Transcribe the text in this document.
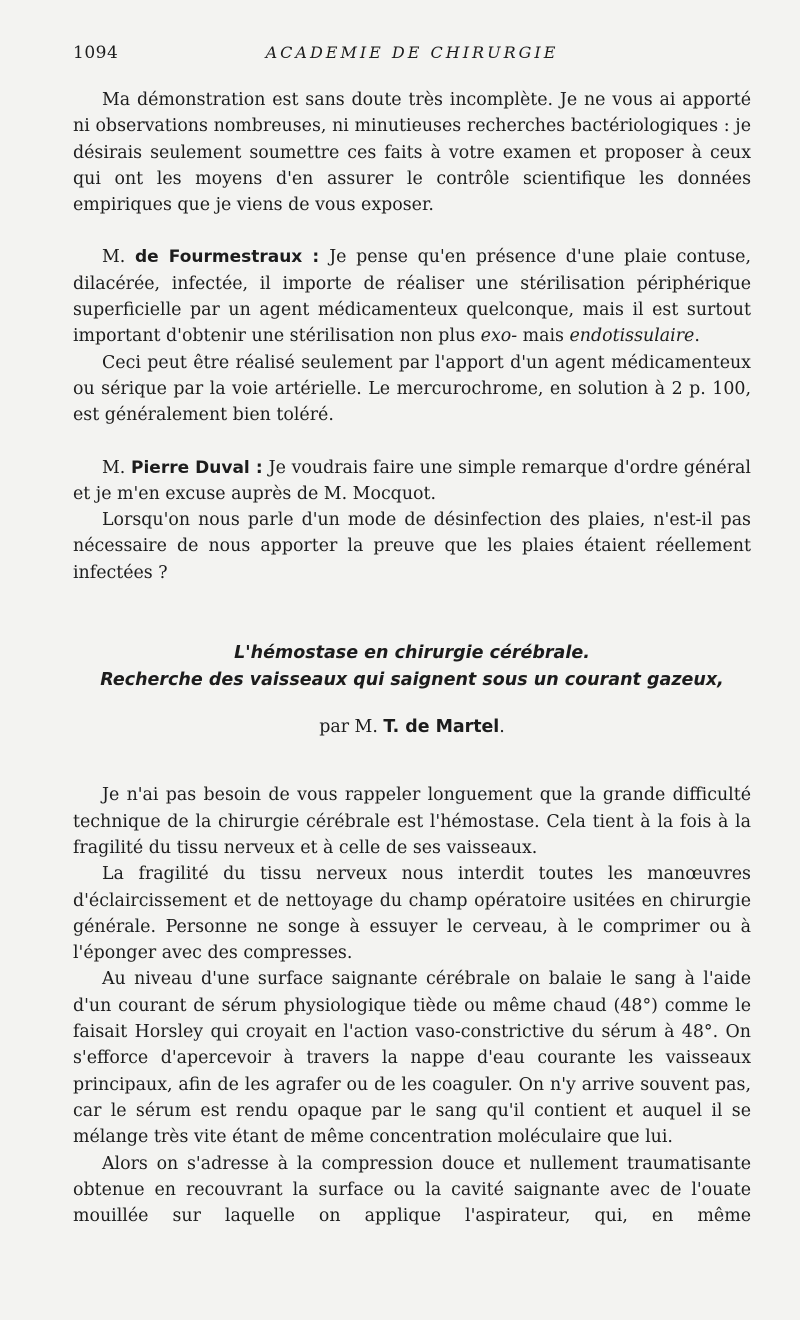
1094	ACADEMIE DE CHIRURGIE

Ma démonstration est sans doute très incomplète. Je ne vous ai apporté ni observations nombreuses, ni minutieuses recherches bactériologiques : je désirais seulement soumettre ces faits à votre examen et proposer à ceux qui ont les moyens d'en assurer le contrôle scientifique les données empiriques que je viens de vous exposer.

M. de Fourmestraux : Je pense qu'en présence d'une plaie contuse, dilacérée, infectée, il importe de réaliser une stérilisation périphérique superficielle par un agent médicamenteux quelconque, mais il est surtout important d'obtenir une stérilisation non plus exo- mais endotissulaire.

Ceci peut être réalisé seulement par l'apport d'un agent médicamenteux ou sérique par la voie artérielle. Le mercurochrome, en solution à 2 p. 100, est généralement bien toléré.

M. Pierre Duval : Je voudrais faire une simple remarque d'ordre général et je m'en excuse auprès de M. Mocquot.

Lorsqu'on nous parle d'un mode de désinfection des plaies, n'est-il pas nécessaire de nous apporter la preuve que les plaies étaient réellement infectées ?

L'hémostase en chirurgie cérébrale.
Recherche des vaisseaux qui saignent sous un courant gazeux,
par M. T. de Martel.

Je n'ai pas besoin de vous rappeler longuement que la grande difficulté technique de la chirurgie cérébrale est l'hémostase. Cela tient à la fois à la fragilité du tissu nerveux et à celle de ses vaisseaux.

La fragilité du tissu nerveux nous interdit toutes les manœuvres d'éclaircissement et de nettoyage du champ opératoire usitées en chirurgie générale. Personne ne songe à essuyer le cerveau, à le comprimer ou à l'éponger avec des compresses.

Au niveau d'une surface saignante cérébrale on balaie le sang à l'aide d'un courant de sérum physiologique tiède ou même chaud (48°) comme le faisait Horsley qui croyait en l'action vaso-constrictive du sérum à 48°. On s'efforce d'apercevoir à travers la nappe d'eau courante les vaisseaux principaux, afin de les agrafer ou de les coaguler. On n'y arrive souvent pas, car le sérum est rendu opaque par le sang qu'il contient et auquel il se mélange très vite étant de même concentration moléculaire que lui.

Alors on s'adresse à la compression douce et nullement traumatisante obtenue en recouvrant la surface ou la cavité saignante avec de l'ouate mouillée sur laquelle on applique l'aspirateur, qui, en même
